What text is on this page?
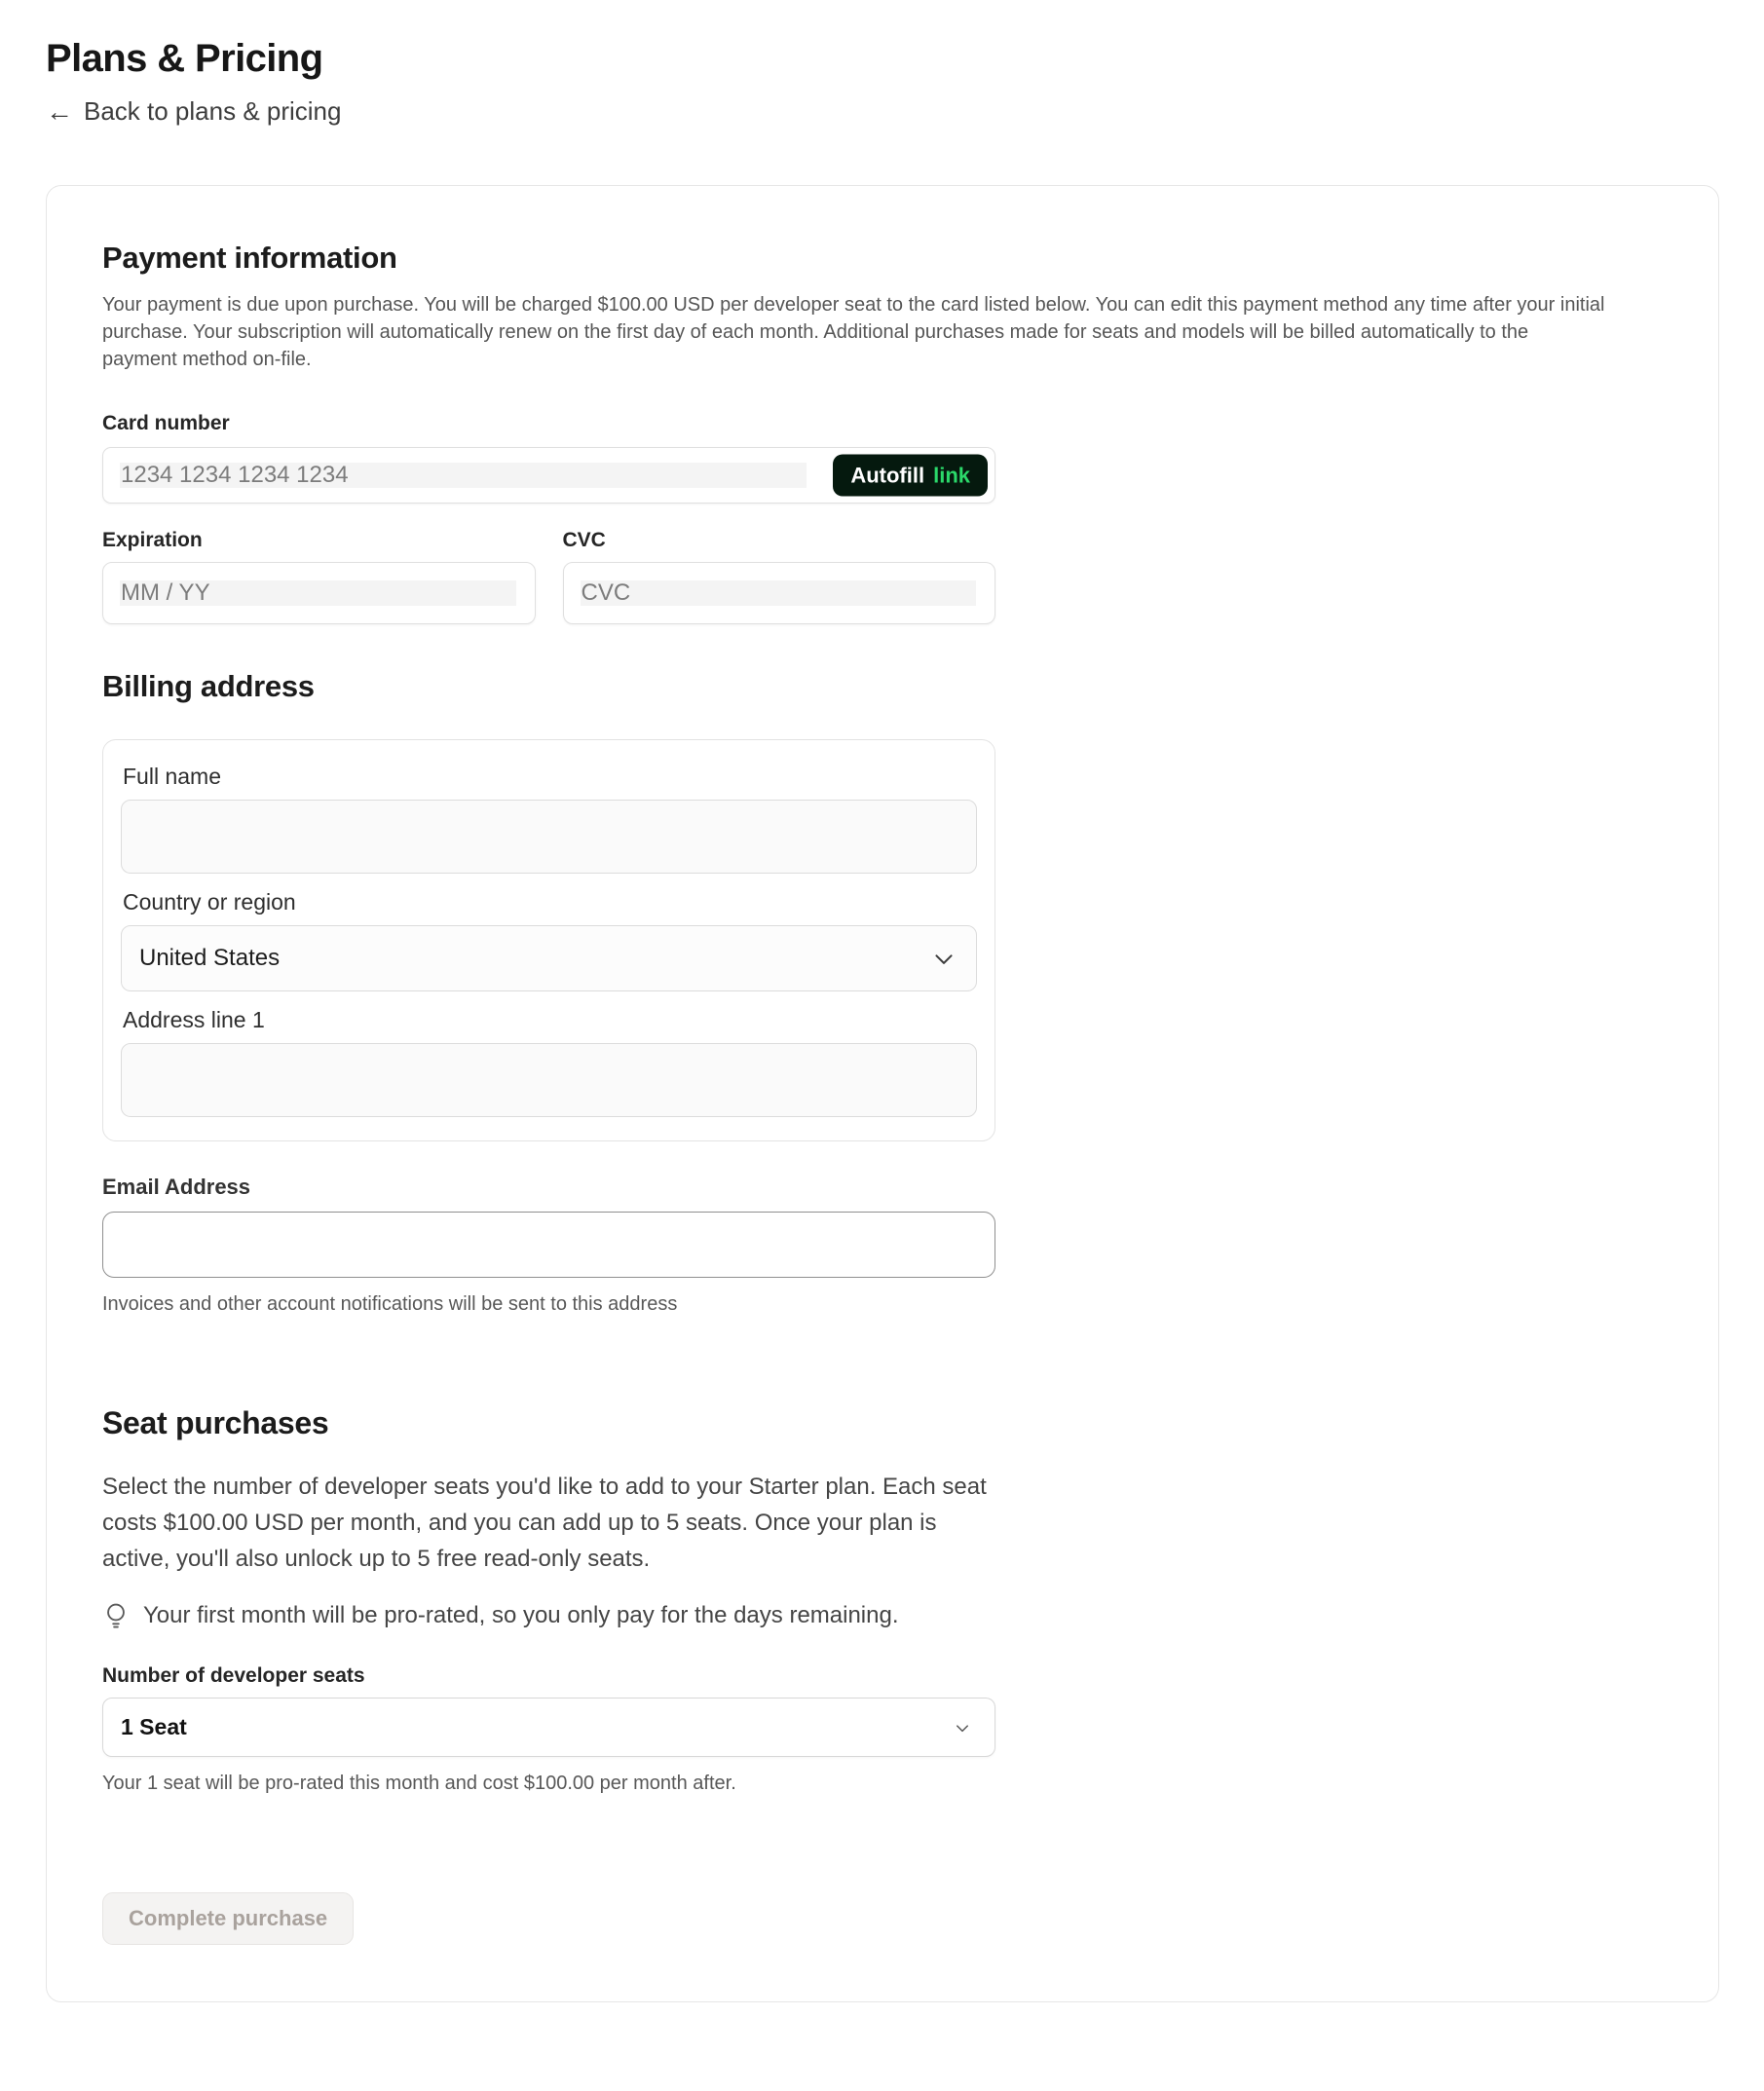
Plans & Pricing
← Back to plans & pricing
Payment information

Your payment is due upon purchase. You will be charged $100.00 USD per developer seat to the card listed below. You can edit this payment method any time after your initial purchase. Your subscription will automatically renew on the first day of each month. Additional purchases made for seats and models will be billed automatically to the payment method on-file.

Card number
1234 1234 1234 1234
Autofill link
Expiration
MM / YY	CVC
CVC
Billing address
Full name
Country or region
United States
Address line 1
Email Address

Invoices and other account notifications will be sent to this address

Seat purchases

Select the number of developer seats you'd like to add to your Starter plan. Each seat costs $100.00 USD per month, and you can add up to 5 seats. Once your plan is active, you'll also unlock up to 5 free read-only seats.

Your first month will be pro-rated, so you only pay for the days remaining.
Number of developer seats
1 Seat

Your 1 seat will be pro-rated this month and cost $100.00 per month after.

Complete purchase
